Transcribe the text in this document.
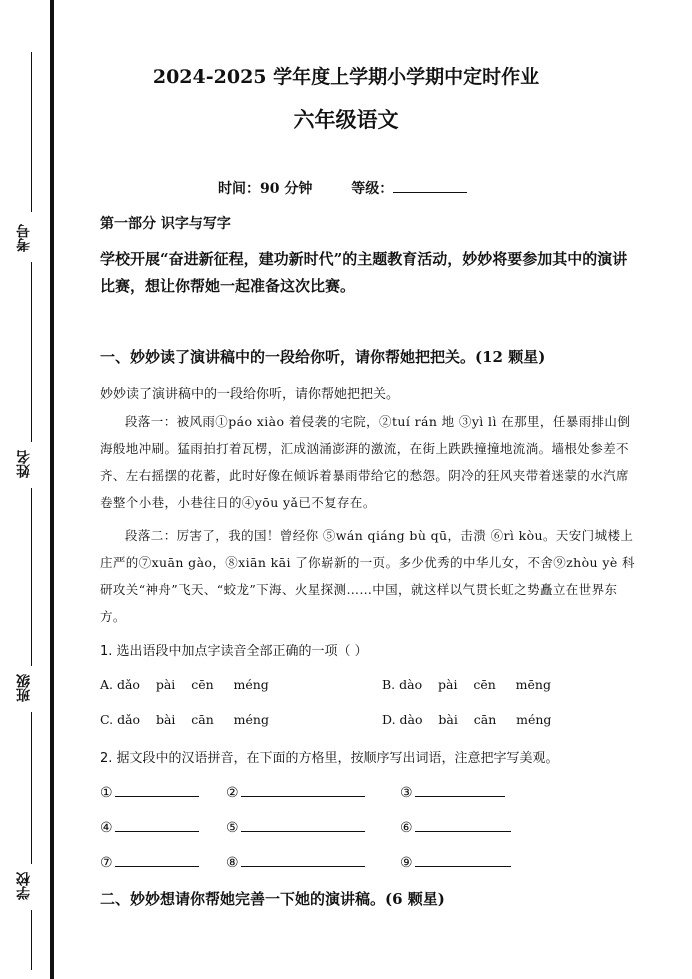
考号
姓名
班级
学校
2024-2025 学年度上学期小学期中定时作业
六年级语文
时间：90 分钟	等级：
第一部分 识字与写字
学校开展“奋进新征程，建功新时代”的主题教育活动，妙妙将要参加其中的演讲比赛，想让你帮她一起准备这次比赛。
一、妙妙读了演讲稿中的一段给你听，请你帮她把把关。(12 颗星)
妙妙读了演讲稿中的一段给你听，请你帮她把把关。
段落一：被风雨①páo xiào 着侵袭的宅院，②tuí rán 地 ③yì lì 在那里，任暴雨排山倒海般地冲刷。猛雨拍打着瓦楞，汇成汹涌澎湃的激流，在街上跌跌撞撞地流淌。墙根处参差不齐、左右摇摆的花蓄，此时好像在倾诉着暴雨带给它的愁怨。阴冷的狂风夹带着迷蒙的水汽席卷整个小巷，小巷往日的④yōu yǎ已不复存在。
段落二：厉害了，我的国！曾经你 ⑤wán qiáng bù qū，击溃 ⑥rì kòu。天安门城楼上庄严的⑦xuān gào，⑧xiān kāi 了你崭新的一页。多少优秀的中华儿女，不舍⑨zhòu yè 科研攻关“神舟”飞天、“蛟龙”下海、火星探测……中国，就这样以气贯长虹之势矗立在世界东方。
1. 选出语段中加点字读音全部正确的一项（ ）
A. dǎo    pài    cēn     méng	B. dào    pài    cēn     mēng
C. dǎo    bài    cān     méng	D. dào    bài    cān     méng
2. 据文段中的汉语拼音，在下面的方格里，按顺序写出词语，注意把字写美观。
①	②	③
④	⑤	⑥
⑦	⑧	⑨
二、妙妙想请你帮她完善一下她的演讲稿。(6 颗星)
